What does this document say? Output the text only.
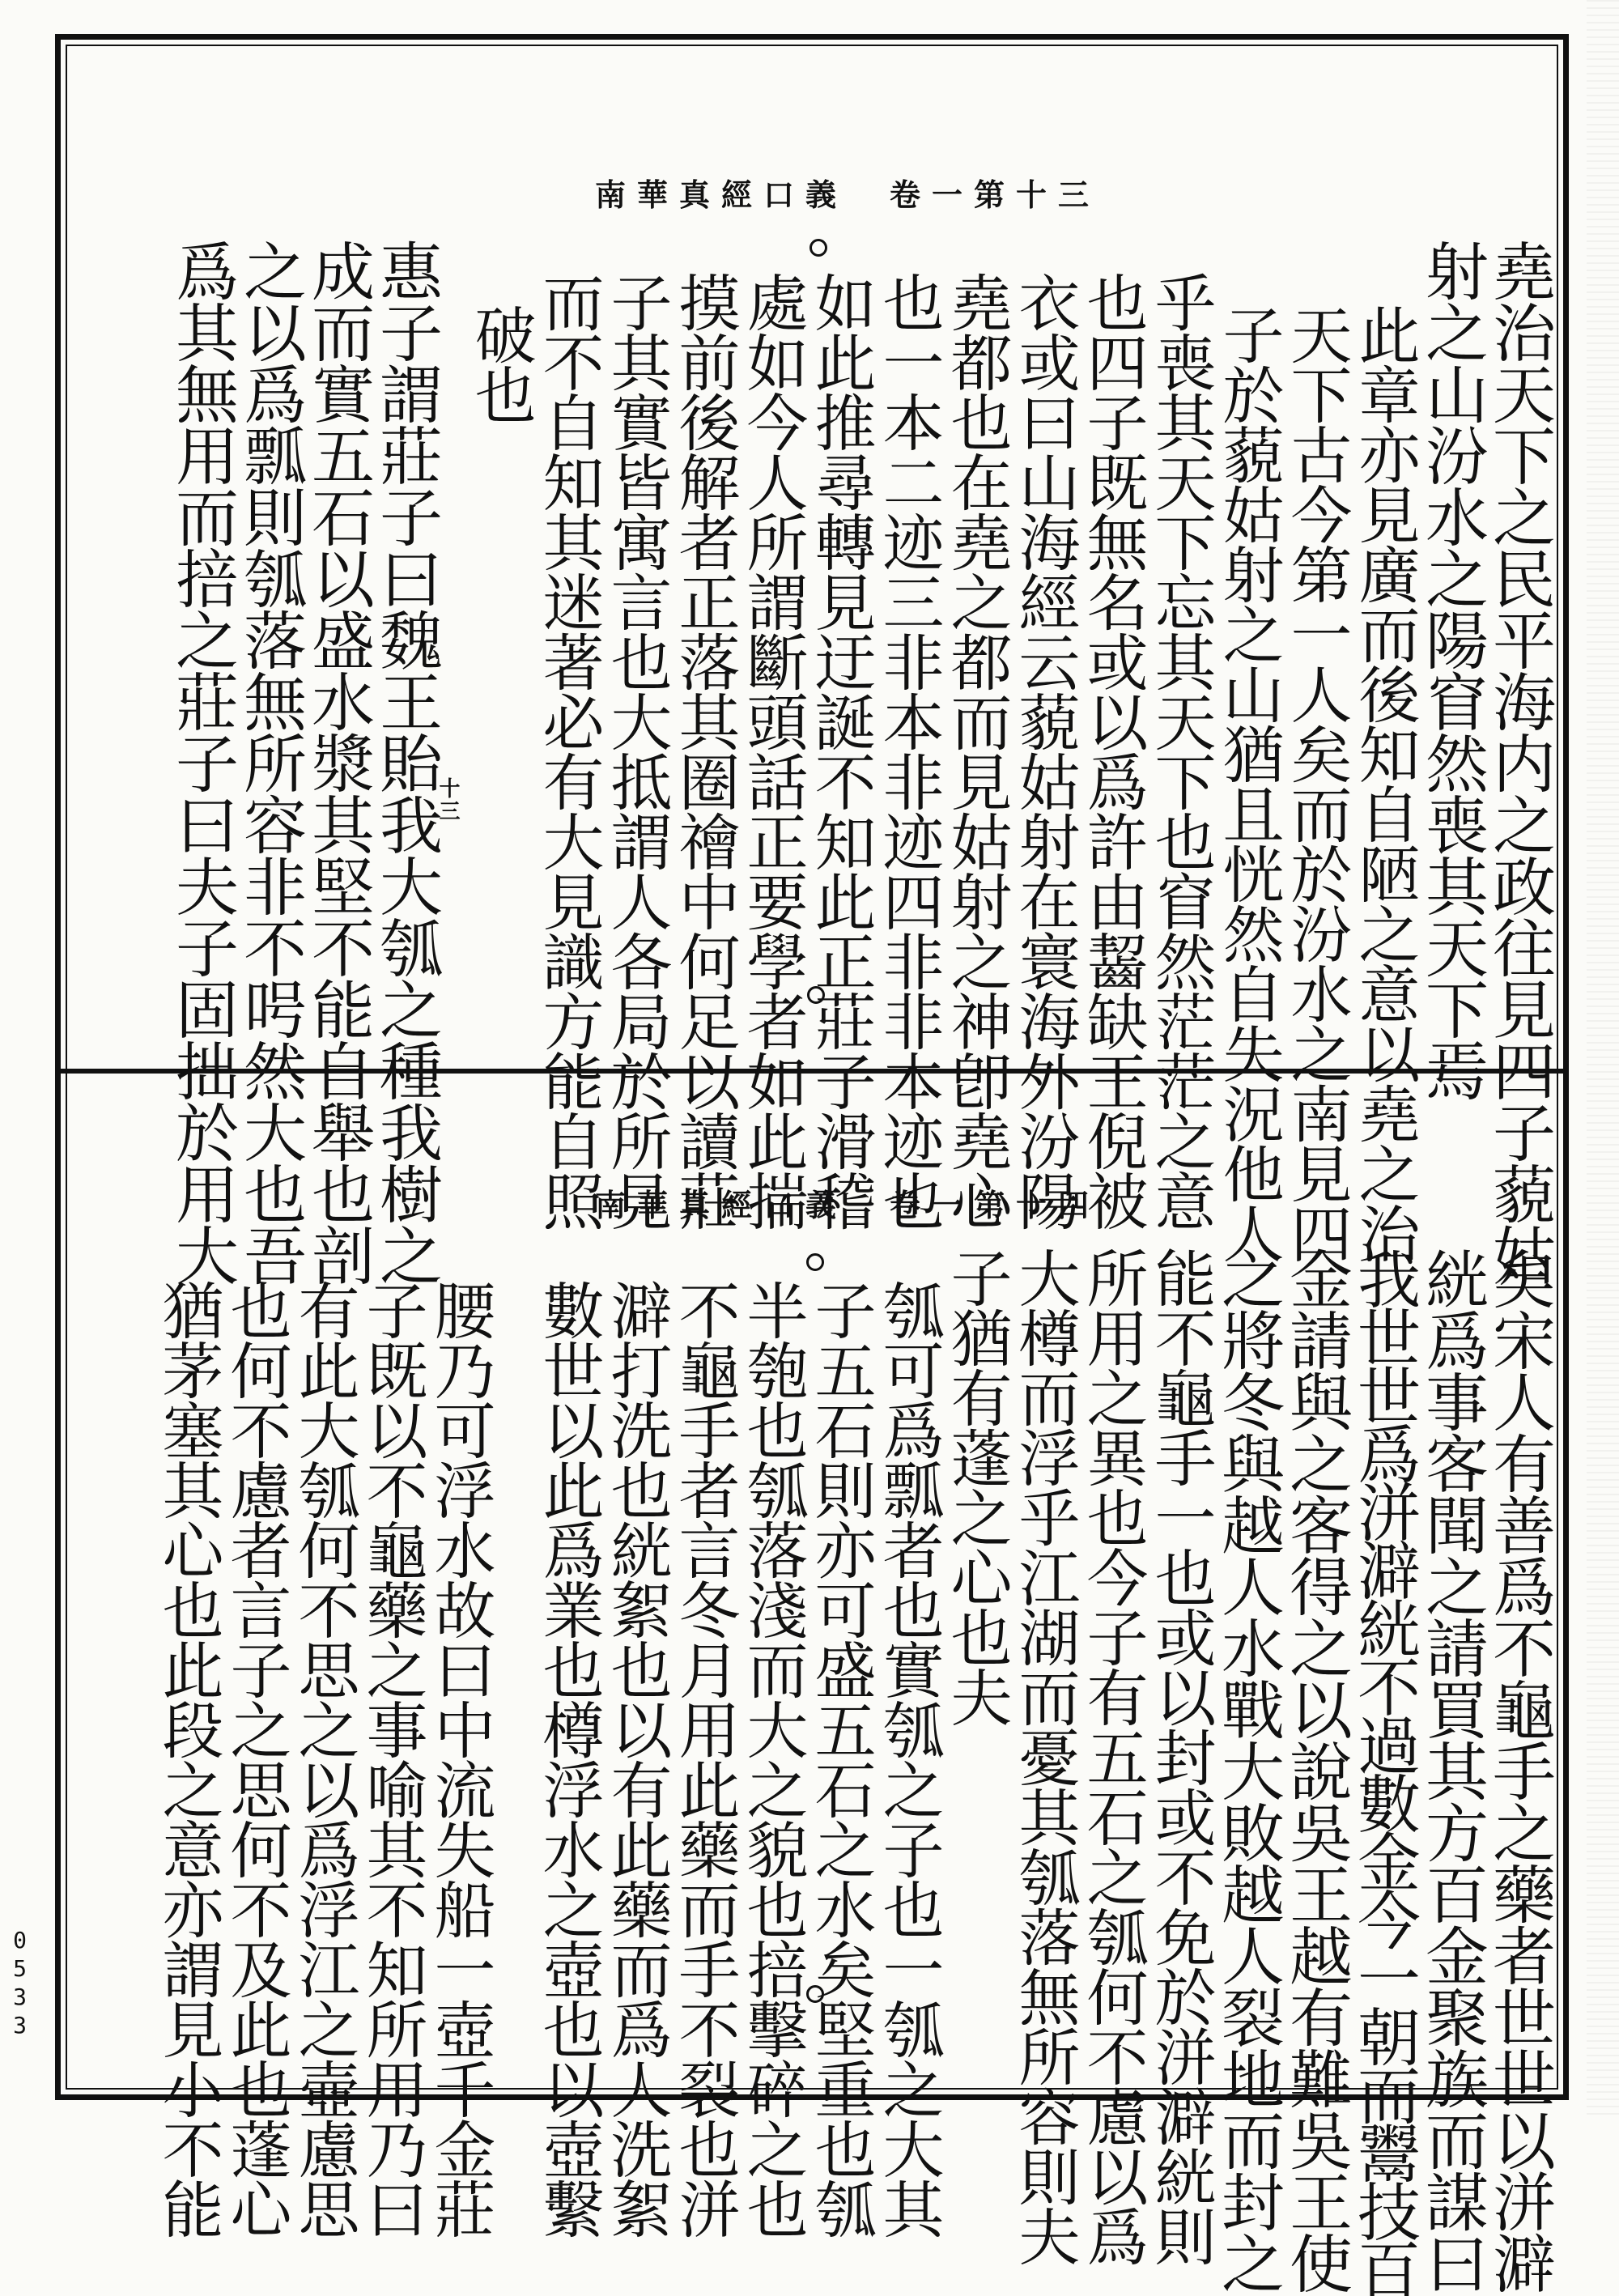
南華真經口義　卷一第十三
南華真經口義　卷一第十四	堯治天下之民平海内之政往見四子藐姑
射之山汾水之陽窅然喪其天下焉
此章亦見廣而後知自陋之意以堯之治
天下古今第一人矣而於汾水之南見四
子於藐姑射之山猶且恍然自失況他人
乎喪其天下忘其天下也窅然茫茫之意
也四子既無名或以爲許由齧缺王倪被
衣或曰山海經云藐姑射在寰海外汾陽
堯都也在堯之都而見姑射之神卽堯心
也一本二迹三非本非迹四非非本迹也
如此推尋轉見迂誕不知此正莊子滑稽
處如今人所謂斷頭話正要學者如此揣
摸前後解者正落其圈禬中何足以讀莊
子其實皆寓言也大抵謂人各局於所見
而不自知其迷著必有大見識方能自照
破也
惠子謂莊子曰魏王貽我大瓠之種我樹之
成而實五石以盛水漿其堅不能自舉也剖
之以爲瓢則瓠落無所容非不呺然大也吾
爲其無用而掊之莊子曰夫子固拙於用大	十三
矣宋人有善爲不龜手之藥者世世以洴澼
絖爲事客聞之請買其方百金聚族而謀曰
我世世爲洴澼絖不過數金今一朝而鬻技百
金請與之客得之以說吳王越有難吳王使
之將冬與越人水戰大敗越人裂地而封之
能不龜手一也或以封或不免於洴澼絖則
所用之異也今子有五石之瓠何不慮以爲
大樽而浮乎江湖而憂其瓠落無所容則夫
子猶有蓬之心也夫
瓠可爲瓢者也實瓠之子也一瓠之大其
子五石則亦可盛五石之水矣堅重也瓠
半匏也瓠落淺而大之貌也掊擊碎之也
不龜手者言冬月用此藥而手不裂也洴
澼打洗也絖絮也以有此藥而爲人洗絮
數世以此爲業也樽浮水之壺也以壺繫
腰乃可浮水故曰中流失船一壺千金莊
子既以不龜藥之事喻其不知所用乃曰
有此大瓠何不思之以爲浮江之壺慮思
也何不慮者言子之思何不及此也蓬心
猶茅塞其心也此段之意亦謂見小不能
0533
